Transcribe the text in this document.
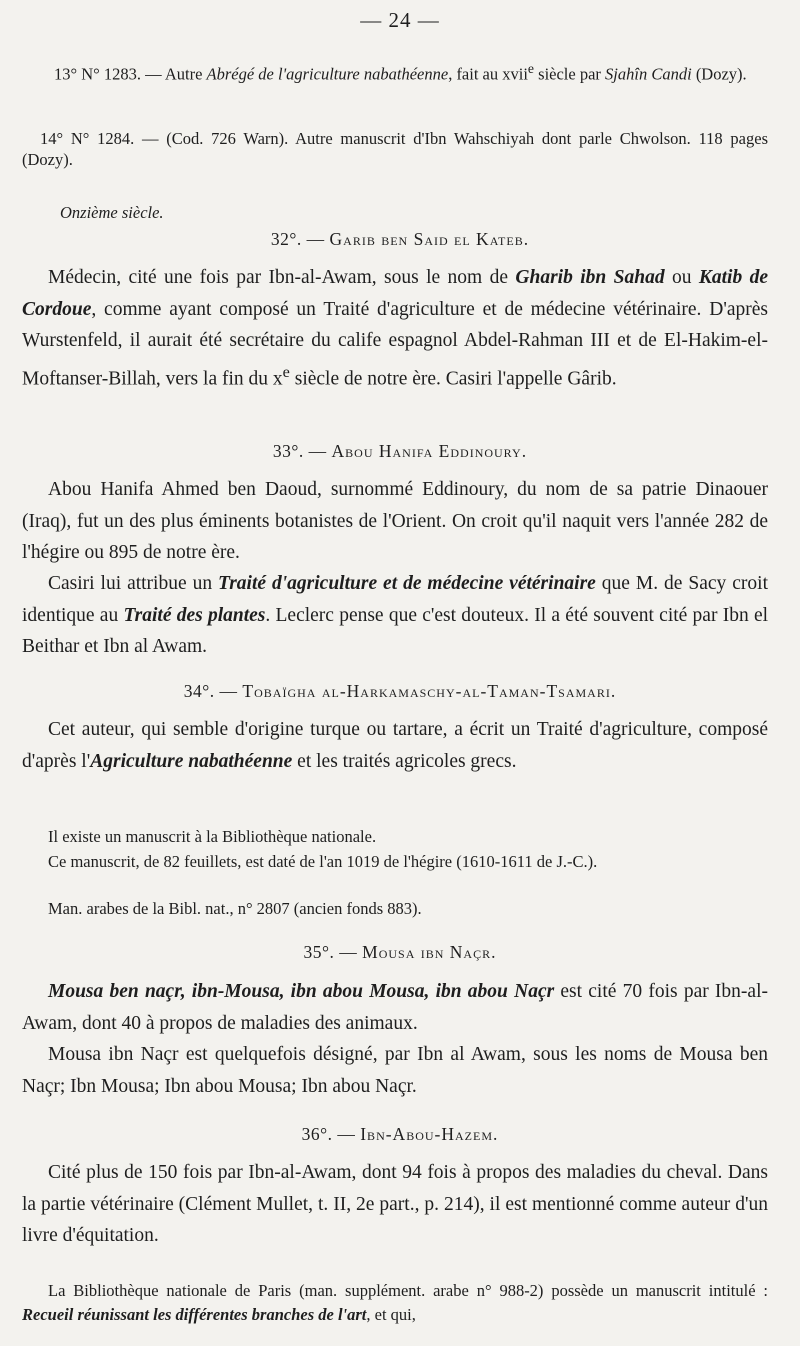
— 24 —

13° N° 1283. — Autre Abrégé de l'agriculture nabathéenne, fait au xvii$^e$ siècle par Sjahîn Candi (Dozy).

14° N° 1284. — (Cod. 726 Warn). Autre manuscrit d'Ibn Wahschiyah dont parle Chwolson. 118 pages (Dozy).

Onzième siècle.
32°. — Garib ben Said el Kateb.

Médecin, cité une fois par Ibn-al-Awam, sous le nom de Gharib ibn Sahad ou Katib de Cordoue, comme ayant composé un Traité d'agriculture et de médecine vétérinaire. D'après Wurstenfeld, il aurait été secrétaire du calife espagnol Abdel-Rahman III et de El-Hakim-el-Moftanser-Billah, vers la fin du $x^e$ siècle de notre ère. Casiri l'appelle Gârib.

33°. — Abou Hanifa Eddinoury.

Abou Hanifa Ahmed ben Daoud, surnommé Eddinoury, du nom de sa patrie Dinaouer (Iraq), fut un des plus éminents botanistes de l'Orient. On croit qu'il naquit vers l'année 282 de l'hégire ou 895 de notre ère.

Casiri lui attribue un Traité d'agriculture et de médecine vétérinaire que M. de Sacy croit identique au Traité des plantes. Leclerc pense que c'est douteux. Il a été souvent cité par Ibn el Beithar et Ibn al Awam.

34°. — Tobaïgha al-Harkamaschy-al-Taman-Tsamari.

Cet auteur, qui semble d'origine turque ou tartare, a écrit un Traité d'agriculture, composé d'après l'Agriculture nabathéenne et les traités agricoles grecs.

Il existe un manuscrit à la Bibliothèque nationale.

Ce manuscrit, de 82 feuillets, est daté de l'an 1019 de l'hégire (1610-1611 de J.-C.).

Man. arabes de la Bibl. nat., n° 2807 (ancien fonds 883).

35°. — Mousa ibn Naçr.

Mousa ben naçr, ibn-Mousa, ibn abou Mousa, ibn abou Naçr est cité 70 fois par Ibn-al-Awam, dont 40 à propos de maladies des animaux.

Mousa ibn Naçr est quelquefois désigné, par Ibn al Awam, sous les noms de Mousa ben Naçr; Ibn Mousa; Ibn abou Mousa; Ibn abou Naçr.

36°. — Ibn-Abou-Hazem.

Cité plus de 150 fois par Ibn-al-Awam, dont 94 fois à propos des maladies du cheval. Dans la partie vétérinaire (Clément Mullet, t. II, 2e part., p. 214), il est mentionné comme auteur d'un livre d'équitation.

La Bibliothèque nationale de Paris (man. supplément. arabe n° 988-2) possède un manuscrit intitulé : Recueil réunissant les différentes branches de l'art, et qui,
